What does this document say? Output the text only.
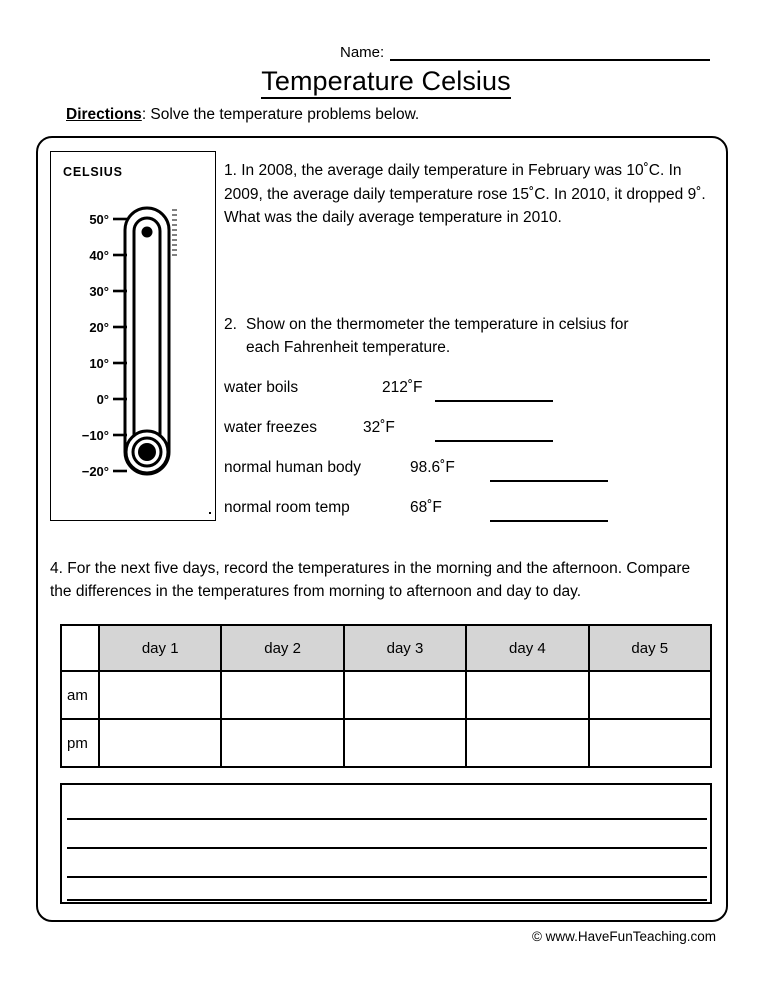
Name:
Temperature Celsius
Directions: Solve the temperature problems below.
CELSIUS
50°
40°
30°
20°
10°
0°
−10°
−20°
1. In 2008, the average daily temperature in February was 10˚C. In 2009, the average daily temperature rose 15˚C. In 2010, it dropped 9˚. What was the daily average temperature in 2010.
2. Show on the thermometer the temperature in celsius for
each Fahrenheit temperature.
water boils	212˚F
water freezes	32˚F
normal human body	98.6˚F
normal room temp	68˚F
4. For the next five days, record the temperatures in the morning and the afternoon. Compare the differences in the temperatures from morning to afternoon and day to day.
	day 1	day 2	day 3	day 4	day 5
am					
pm					
© www.HaveFunTeaching.com
